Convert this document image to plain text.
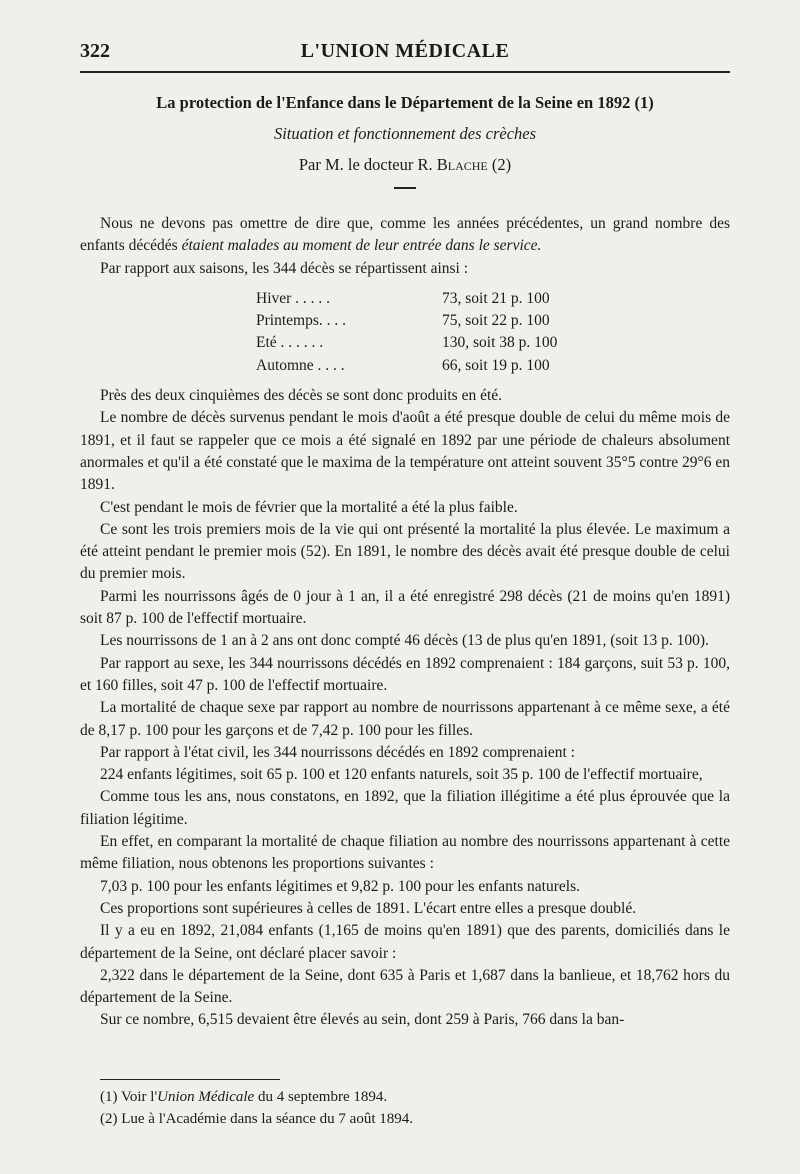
322	L'UNION MÉDICALE
La protection de l'Enfance dans le Département de la Seine en 1892 (1)
Situation et fonctionnement des crèches
Par M. le docteur R. Blache (2)

Nous ne devons pas omettre de dire que, comme les années précédentes, un grand nombre des enfants décédés étaient malades au moment de leur entrée dans le service.

Par rapport aux saisons, les 344 décès se répartissent ainsi :

Hiver . . . . .	73, soit 21 p. 100
Printemps. . . .	75, soit 22 p. 100
Eté . . . . . .	130, soit 38 p. 100
Automne . . . .	66, soit 19 p. 100

Près des deux cinquièmes des décès se sont donc produits en été.

Le nombre de décès survenus pendant le mois d'août a été presque double de celui du même mois de 1891, et il faut se rappeler que ce mois a été signalé en 1892 par une période de chaleurs absolument anormales et qu'il a été constaté que le maxima de la température ont atteint souvent 35°5 contre 29°6 en 1891.

C'est pendant le mois de février que la mortalité a été la plus faible.

Ce sont les trois premiers mois de la vie qui ont présenté la mortalité la plus élevée. Le maximum a été atteint pendant le premier mois (52). En 1891, le nombre des décès avait été presque double de celui du premier mois.

Parmi les nourrissons âgés de 0 jour à 1 an, il a été enregistré 298 décès (21 de moins qu'en 1891) soit 87 p. 100 de l'effectif mortuaire.

Les nourrissons de 1 an à 2 ans ont donc compté 46 décès (13 de plus qu'en 1891, (soit 13 p. 100).

Par rapport au sexe, les 344 nourrissons décédés en 1892 comprenaient : 184 garçons, suit 53 p. 100, et 160 filles, soit 47 p. 100 de l'effectif mortuaire.

La mortalité de chaque sexe par rapport au nombre de nourrissons appartenant à ce même sexe, a été de 8,17 p. 100 pour les garçons et de 7,42 p. 100 pour les filles.

Par rapport à l'état civil, les 344 nourrissons décédés en 1892 comprenaient :

224 enfants légitimes, soit 65 p. 100 et 120 enfants naturels, soit 35 p. 100 de l'effectif mortuaire,

Comme tous les ans, nous constatons, en 1892, que la filiation illégitime a été plus éprouvée que la filiation légitime.

En effet, en comparant la mortalité de chaque filiation au nombre des nourrissons appartenant à cette même filiation, nous obtenons les proportions suivantes :

7,03 p. 100 pour les enfants légitimes et 9,82 p. 100 pour les enfants naturels.

Ces proportions sont supérieures à celles de 1891. L'écart entre elles a presque doublé.

Il y a eu en 1892, 21,084 enfants (1,165 de moins qu'en 1891) que des parents, domiciliés dans le département de la Seine, ont déclaré placer savoir :

2,322 dans le département de la Seine, dont 635 à Paris et 1,687 dans la banlieue, et 18,762 hors du département de la Seine.

Sur ce nombre, 6,515 devaient être élevés au sein, dont 259 à Paris, 766 dans la ban-

(1) Voir l'Union Médicale du 4 septembre 1894.
(2) Lue à l'Académie dans la séance du 7 août 1894.
